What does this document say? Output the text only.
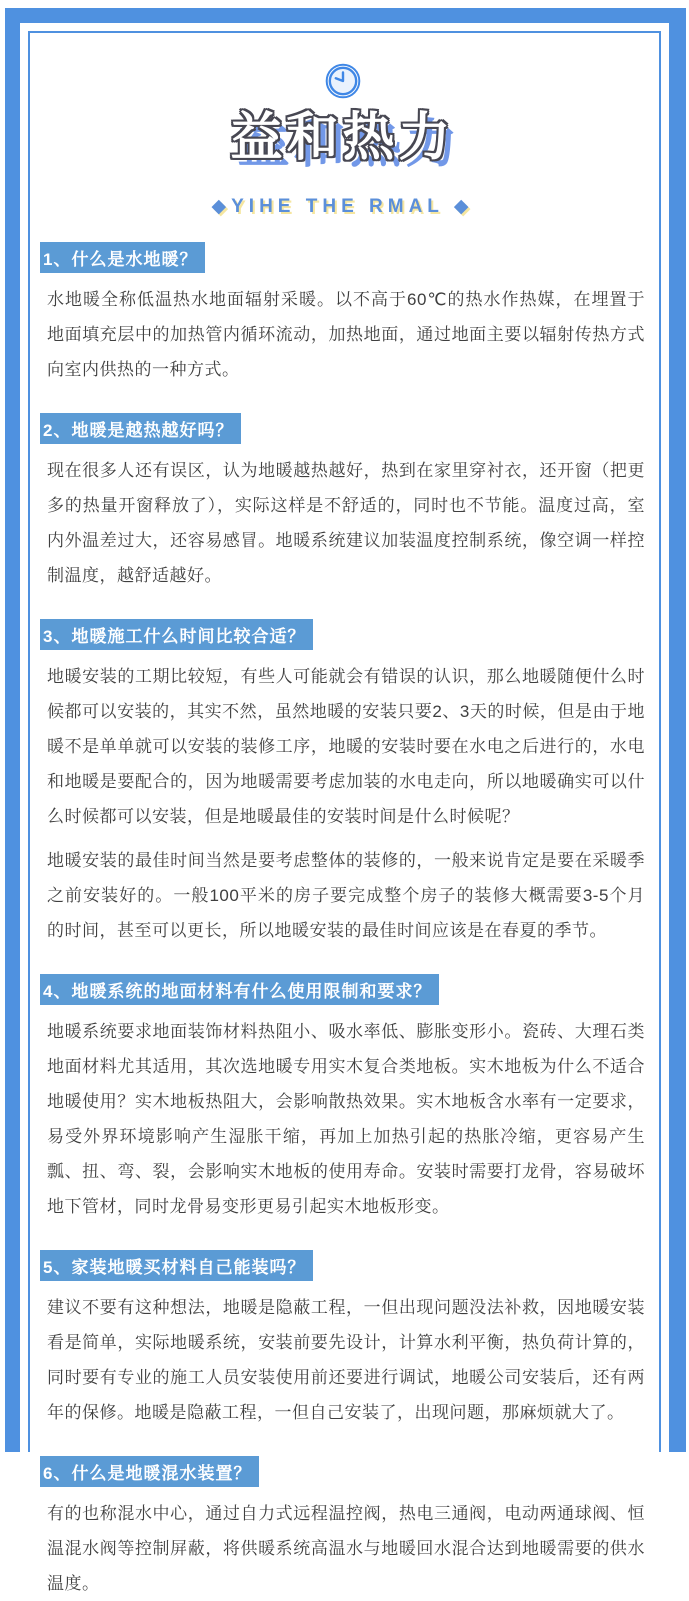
益和热力
◆YIHE THE RMAL ◆
1、什么是水地暖？

水地暖全称低温热水地面辐射采暖。以不高于60℃的热水作热媒，在埋置于地面填充层中的加热管内循环流动，加热地面，通过地面主要以辐射传热方式向室内供热的一种方式。

2、地暖是越热越好吗？

现在很多人还有误区，认为地暖越热越好，热到在家里穿衬衣，还开窗（把更多的热量开窗释放了），实际这样是不舒适的，同时也不节能。温度过高，室内外温差过大，还容易感冒。地暖系统建议加装温度控制系统，像空调一样控制温度，越舒适越好。

3、地暖施工什么时间比较合适？

地暖安装的工期比较短，有些人可能就会有错误的认识，那么地暖随便什么时候都可以安装的，其实不然，虽然地暖的安装只要2、3天的时候，但是由于地暖不是单单就可以安装的装修工序，地暖的安装时要在水电之后进行的，水电和地暖是要配合的，因为地暖需要考虑加装的水电走向，所以地暖确实可以什么时候都可以安装，但是地暖最佳的安装时间是什么时候呢？

地暖安装的最佳时间当然是要考虑整体的装修的，一般来说肯定是要在采暖季之前安装好的。一般100平米的房子要完成整个房子的装修大概需要3-5个月的时间，甚至可以更长，所以地暖安装的最佳时间应该是在春夏的季节。

4、地暖系统的地面材料有什么使用限制和要求？

地暖系统要求地面装饰材料热阻小、吸水率低、膨胀变形小。瓷砖、大理石类地面材料尤其适用，其次选地暖专用实木复合类地板。实木地板为什么不适合地暖使用？实木地板热阻大，会影响散热效果。实木地板含水率有一定要求，易受外界环境影响产生湿胀干缩，再加上加热引起的热胀冷缩，更容易产生瓢、扭、弯、裂，会影响实木地板的使用寿命。安装时需要打龙骨，容易破坏地下管材，同时龙骨易变形更易引起实木地板形变。

5、家装地暖买材料自己能装吗？

建议不要有这种想法，地暖是隐蔽工程，一但出现问题没法补救，因地暖安装看是简单，实际地暖系统，安装前要先设计，计算水利平衡，热负荷计算的，同时要有专业的施工人员安装使用前还要进行调试，地暖公司安装后，还有两年的保修。地暖是隐蔽工程，一但自己安装了，出现问题，那麻烦就大了。

6、什么是地暖混水装置？

有的也称混水中心，通过自力式远程温控阀，热电三通阀，电动两通球阀、恒温混水阀等控制屏蔽，将供暖系统高温水与地暖回水混合达到地暖需要的供水温度。
